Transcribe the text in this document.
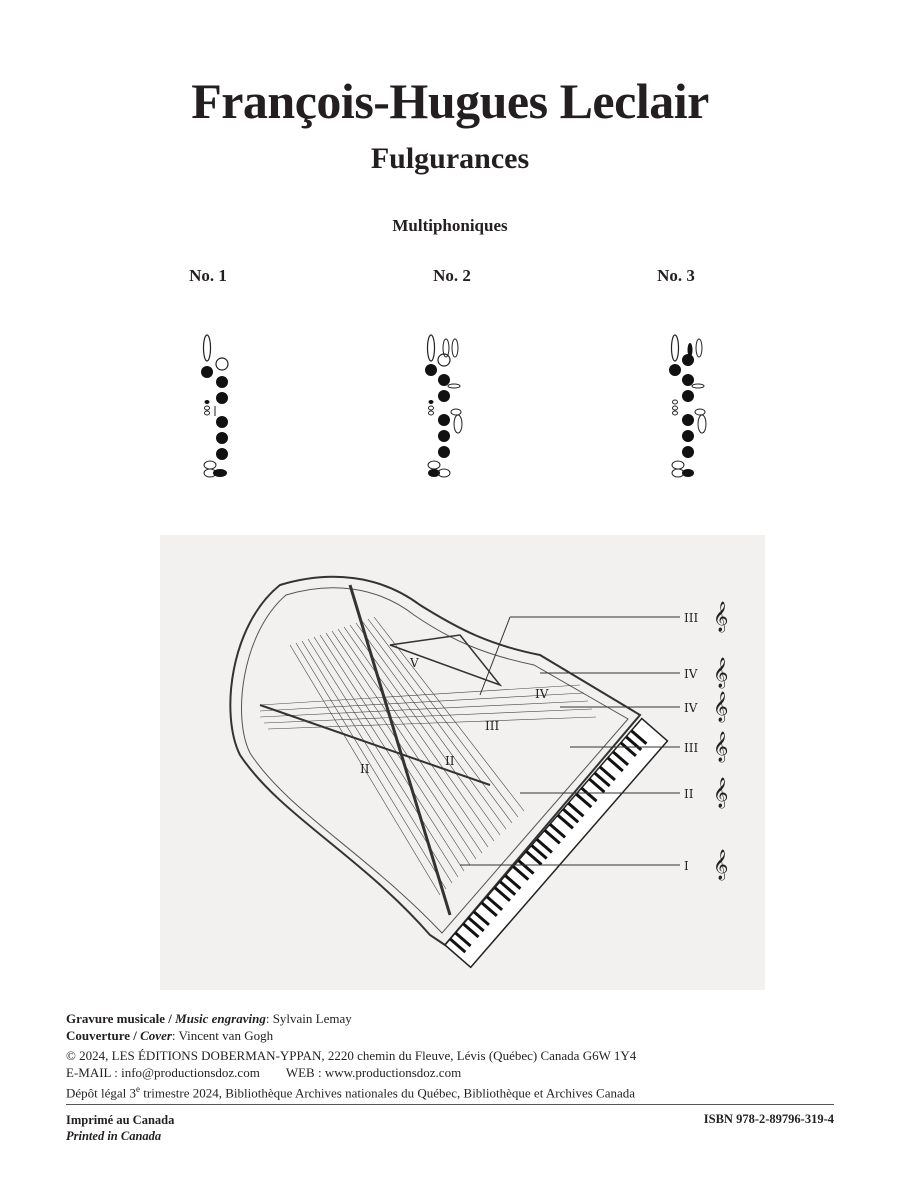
François-Hugues Leclair
Fulgurances
Multiphoniques
No. 1	No. 2	No. 3
III
IV
IV
III
II
I
𝄞
𝄞
𝄞
𝄞
𝄞
𝄞
V
III
II
II
IV
Gravure musicale / Music engraving: Sylvain Lemay
Couverture / Cover: Vincent van Gogh
© 2024, LES ÉDITIONS DOBERMAN-YPPAN, 2220 chemin du Fleuve, Lévis (Québec) Canada G6W 1Y4
E-MAIL : info@productionsdoz.com WEB : www.productionsdoz.com
Dépôt légal 3e trimestre 2024, Bibliothèque Archives nationales du Québec, Bibliothèque et Archives Canada
Imprimé au Canada
Printed in Canada
ISBN 978-2-89796-319-4
